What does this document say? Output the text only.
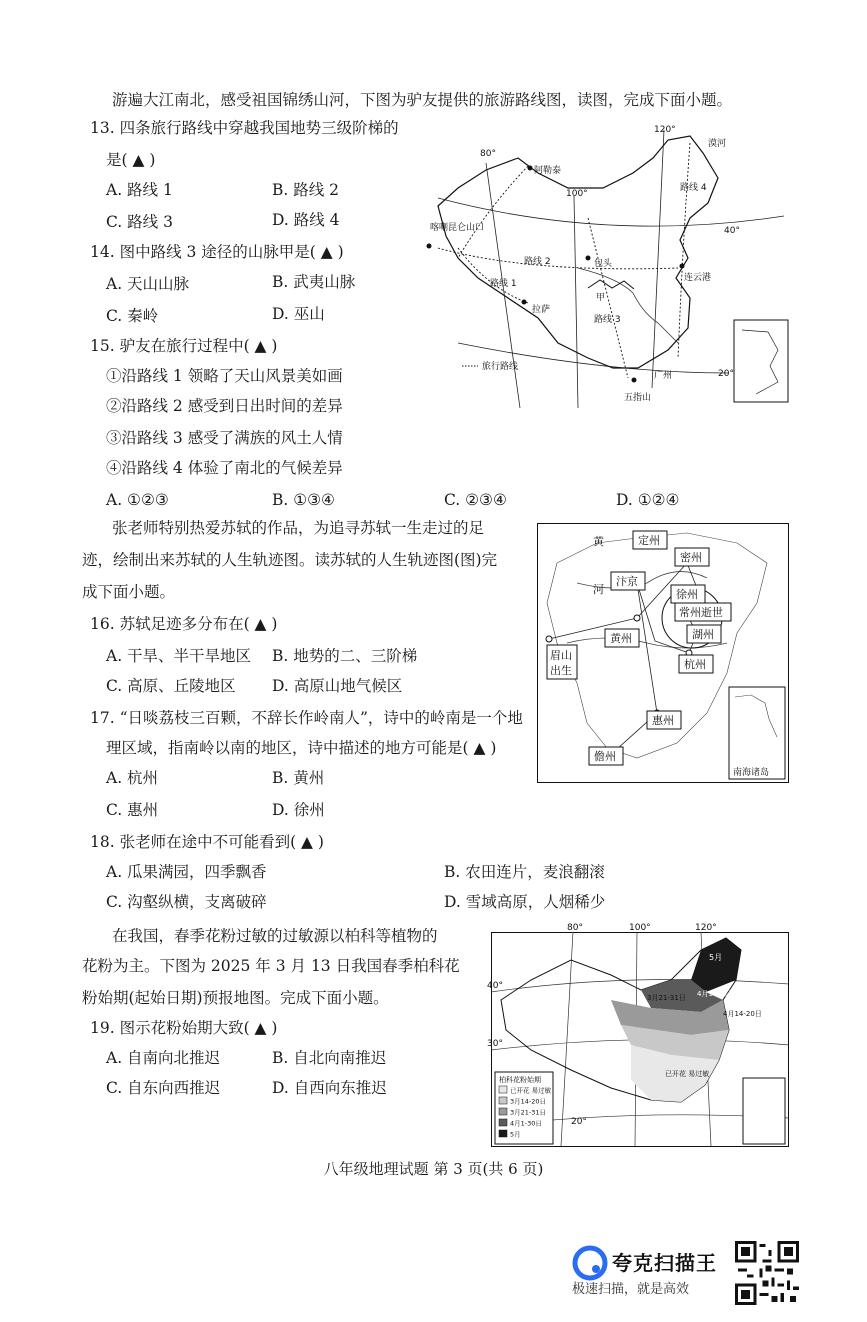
游遍大江南北，感受祖国锦绣山河，下图为驴友提供的旅游路线图，读图，完成下面小题。
13. 四条旅行路线中穿越我国地势三级阶梯的
是( ▲ )
A. 路线 1	B. 路线 2
C. 路线 3	D. 路线 4
14. 图中路线 3 途径的山脉甲是( ▲ )
A. 天山山脉	B. 武夷山脉
C. 秦岭	D. 巫山
15. 驴友在旅行过程中( ▲ )
①沿路线 1 领略了天山风景美如画
②沿路线 2 感受到日出时间的差异
③沿路线 3 感受了满族的风土人情
④沿路线 4 体验了南北的气候差异
A. ①②③	B. ①③④	C. ②③④	D. ①②④
120°
80°
漠河
阿勒泰
100°
路线 4
喀喇昆仑山口
包头
40°
路线 2
连云港
路线 1
甲
拉萨
路线 3
旅行路线
广州	20°
五指山
张老师特别热爱苏轼的作品，为追寻苏轼一生走过的足
迹，绘制出来苏轼的人生轨迹图。读苏轼的人生轨迹图(图)完
成下面小题。
16. 苏轼足迹多分布在( ▲ )
A. 干旱、半干旱地区 B. 地势的二、三阶梯
C. 高原、丘陵地区 D. 高原山地气候区
17. “日啖荔枝三百颗，不辞长作岭南人”，诗中的岭南是一个地
理区域，指南岭以南的地区，诗中描述的地方可能是( ▲ )
A. 杭州	B. 黄州
C. 惠州	D. 徐州
黄
河
定州
密州
汴京
徐州
常州逝世
眉山
出生
黄州	湖州
杭州
惠州
儋州
南海诸岛
18. 张老师在途中不可能看到( ▲ )
A. 瓜果满园，四季飘香	B. 农田连片，麦浪翻滚
C. 沟壑纵横，支离破碎	D. 雪域高原，人烟稀少
在我国，春季花粉过敏的过敏源以柏科等植物的
花粉为主。下图为 2025 年 3 月 13 日我国春季柏科花
粉始期(起始日期)预报地图。完成下面小题。
19. 图示花粉始期大致( ▲ )
A. 自南向北推迟	B. 自北向南推迟
C. 自东向西推迟	D. 自西向东推迟	柏科花粉始期
已开花 易过敏
3月14-20日
3月21-31日
4月1-30日
5月
80°	100°	120°
40°
30°
20°
3月21-31日 4月1-30日
4月14-20日
5月
已开花 易过敏
八年级地理试题 第 3 页(共 6 页)
夸克扫描王
极速扫描，就是高效
